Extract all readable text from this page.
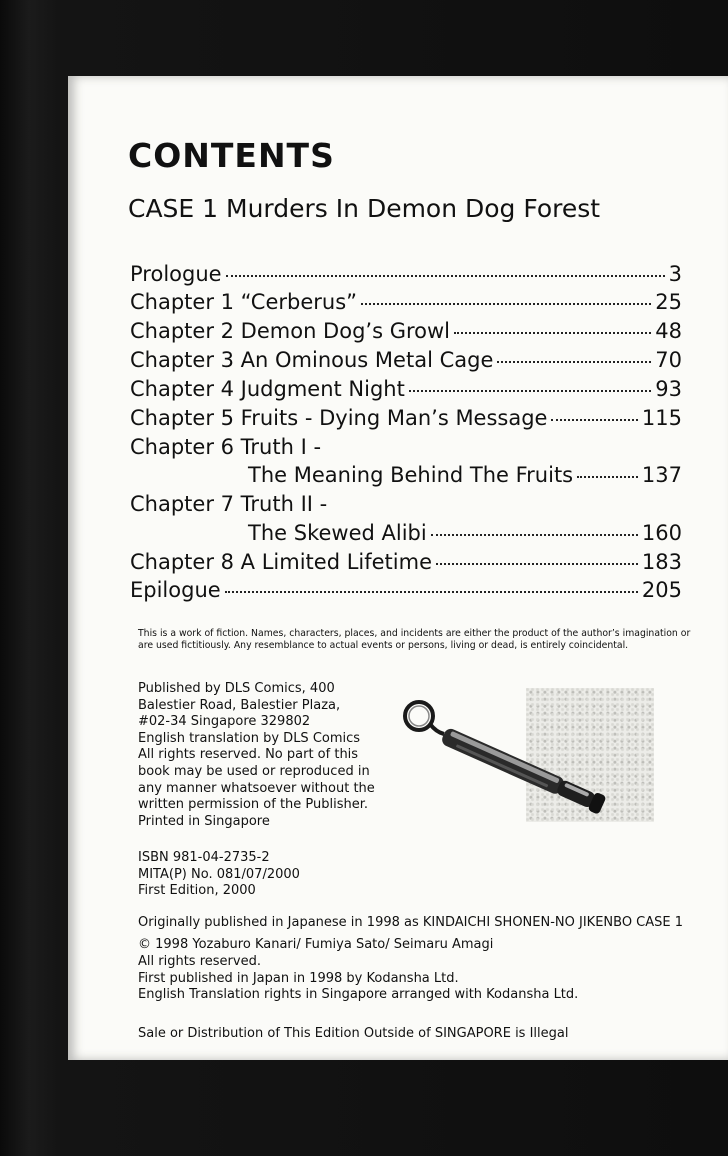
CONTENTS
CASE 1 Murders In Demon Dog Forest
Prologue	3
Chapter 1 “Cerberus”	25
Chapter 2 Demon Dog’s Growl	48
Chapter 3 An Ominous Metal Cage	70
Chapter 4 Judgment Night	93
Chapter 5 Fruits - Dying Man’s Message	115
Chapter 6 Truth I -
The Meaning Behind The Fruits	137
Chapter 7 Truth II -
The Skewed Alibi	160
Chapter 8 A Limited Lifetime	183
Epilogue	205
This is a work of fiction. Names, characters, places, and incidents are either the product of the author’s imagination or are used fictitiously. Any resemblance to actual events or persons, living or dead, is entirely coincidental.
Published by DLS Comics, 400
Balestier Road, Balestier Plaza,
#02-34 Singapore 329802
English translation by DLS Comics
All rights reserved. No part of this
book may be used or reproduced in
any manner whatsoever without the
written permission of the Publisher.
Printed in Singapore
ISBN 981-04-2735-2
MITA(P) No. 081/07/2000
First Edition, 2000
Originally published in Japanese in 1998 as KINDAICHI SHONEN-NO JIKENBO CASE 1
© 1998 Yozaburo Kanari/ Fumiya Sato/ Seimaru Amagi
All rights reserved.
First published in Japan in 1998 by Kodansha Ltd.
English Translation rights in Singapore arranged with Kodansha Ltd.
Sale or Distribution of This Edition Outside of SINGAPORE is Illegal
